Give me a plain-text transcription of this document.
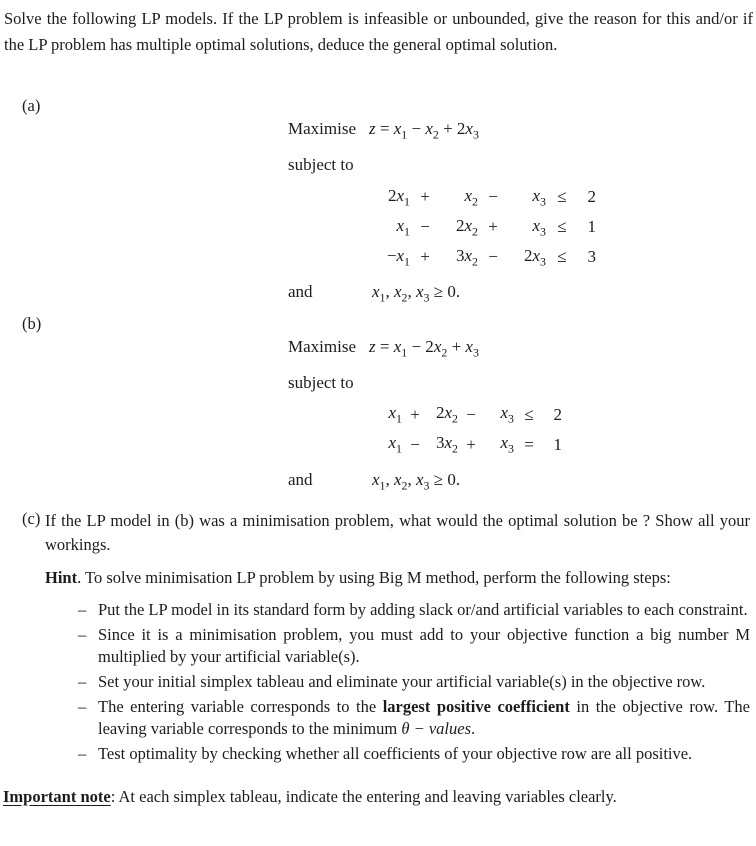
Solve the following LP models. If the LP problem is infeasible or unbounded, give the reason for this and/or if the LP problem has multiple optimal solutions, deduce the general optimal solution.

(a)
Maximise $z = x_1 - x_2 + 2x_3$
subject to
$2x_1$	+	$x_2$	−	$x_3$	≤	2
$x_1$	−	$2x_2$	+	$x_3$	≤	1
$-x_1$	+	$3x_2$	−	$2x_3$	≤	3
and	$x_1$, $x_2$, $x_3 \ge 0$.
(b)
Maximise $z = x_1 - 2x_2 + x_3$
subject to
$x_1$	+	$2x_2$	−	$x_3$	≤	2
$x_1$	−	$3x_2$	+	$x_3$	=	1
and	$x_1$, $x_2$, $x_3 \ge 0$.
(c) If the LP model in (b) was a minimisation problem, what would the optimal solution be ? Show all your workings.

Hint. To solve minimisation LP problem by using Big M method, perform the following steps:

– Put the LP model in its standard form by adding slack or/and artificial variables to each constraint.

– Since it is a minimisation problem, you must add to your objective function a big number M multiplied by your artificial variable(s).

– Set your initial simplex tableau and eliminate your artificial variable(s) in the objective row.

– The entering variable corresponds to the largest positive coefficient in the objective row. The leaving variable corresponds to the minimum θ − values.

– Test optimality by checking whether all coefficients of your objective row are all positive.

Important note: At each simplex tableau, indicate the entering and leaving variables clearly.
